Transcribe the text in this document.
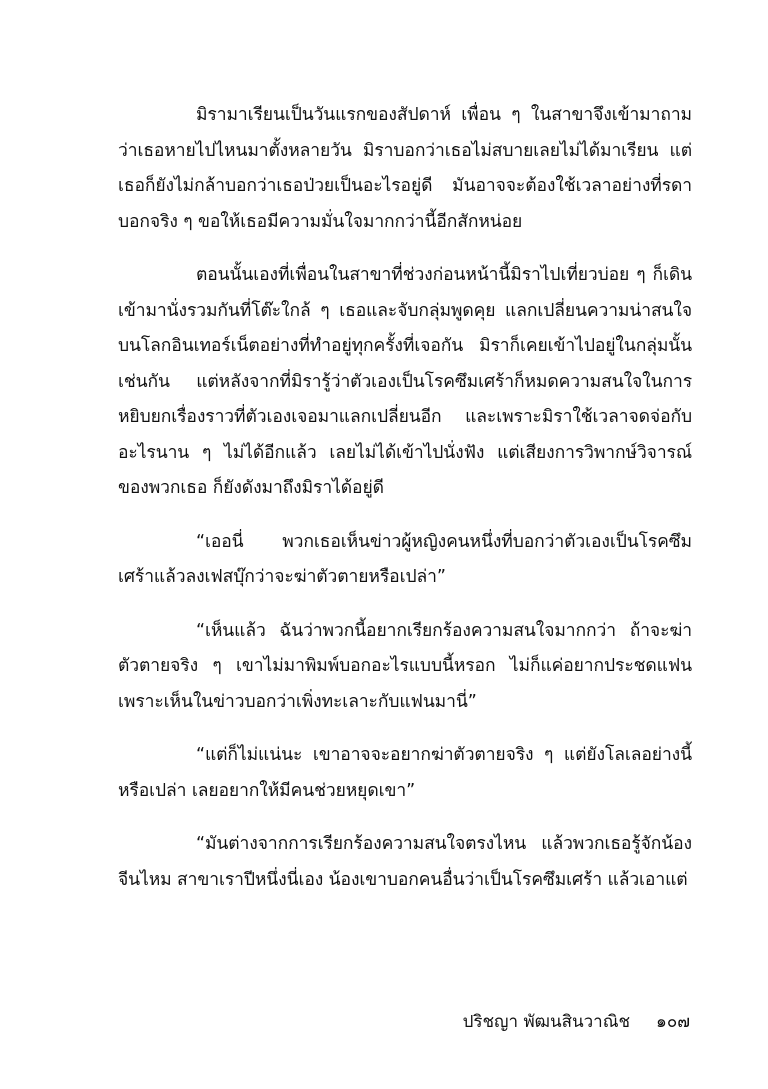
มิรามาเรียนเป็นวันแรกของสัปดาห์ เพื่อน ๆ ในสาขาจึงเข้ามาถามว่าเธอหายไปไหนมาตั้งหลายวัน มิราบอกว่าเธอไม่สบายเลยไม่ได้มาเรียน แต่เธอก็ยังไม่กล้าบอกว่าเธอป่วยเป็นอะไรอยู่ดี มันอาจจะต้องใช้เวลาอย่างที่รดาบอกจริง ๆ ขอให้เธอมีความมั่นใจมากกว่านี้อีกสักหน่อย

ตอนนั้นเองที่เพื่อนในสาขาที่ช่วงก่อนหน้านี้มิราไปเที่ยวบ่อย ๆ ก็เดินเข้ามานั่งรวมกันที่โต๊ะใกล้ ๆ เธอและจับกลุ่มพูดคุย แลกเปลี่ยนความน่าสนใจบนโลกอินเทอร์เน็ตอย่างที่ทำอยู่ทุกครั้งที่เจอกัน มิราก็เคยเข้าไปอยู่ในกลุ่มนั้นเช่นกัน แต่หลังจากที่มิรารู้ว่าตัวเองเป็นโรคซึมเศร้าก็หมดความสนใจในการหยิบยกเรื่องราวที่ตัวเองเจอมาแลกเปลี่ยนอีก และเพราะมิราใช้เวลาจดจ่อกับอะไรนาน ๆ ไม่ได้อีกแล้ว เลยไม่ได้เข้าไปนั่งฟัง แต่เสียงการวิพากษ์วิจารณ์ของพวกเธอ ก็ยังดังมาถึงมิราได้อยู่ดี

“เออนี่ พวกเธอเห็นข่าวผู้หญิงคนหนึ่งที่บอกว่าตัวเองเป็นโรคซึมเศร้าแล้วลงเฟสบุ๊กว่าจะฆ่าตัวตายหรือเปล่า”

“เห็นแล้ว ฉันว่าพวกนี้อยากเรียกร้องความสนใจมากกว่า ถ้าจะฆ่าตัวตายจริง ๆ เขาไม่มาพิมพ์บอกอะไรแบบนี้หรอก ไม่ก็แค่อยากประชดแฟนเพราะเห็นในข่าวบอกว่าเพิ่งทะเลาะกับแฟนมานี่”

“แต่ก็ไม่แน่นะ เขาอาจจะอยากฆ่าตัวตายจริง ๆ แต่ยังโลเลอย่างนี้หรือเปล่า เลยอยากให้มีคนช่วยหยุดเขา”

“มันต่างจากการเรียกร้องความสนใจตรงไหน แล้วพวกเธอรู้จักน้องจีนไหม สาขาเราปีหนึ่งนี่เอง น้องเขาบอกคนอื่นว่าเป็นโรคซึมเศร้า แล้วเอาแต่

ปริชญา พัฒนสินวาณิช ๑๐๗
